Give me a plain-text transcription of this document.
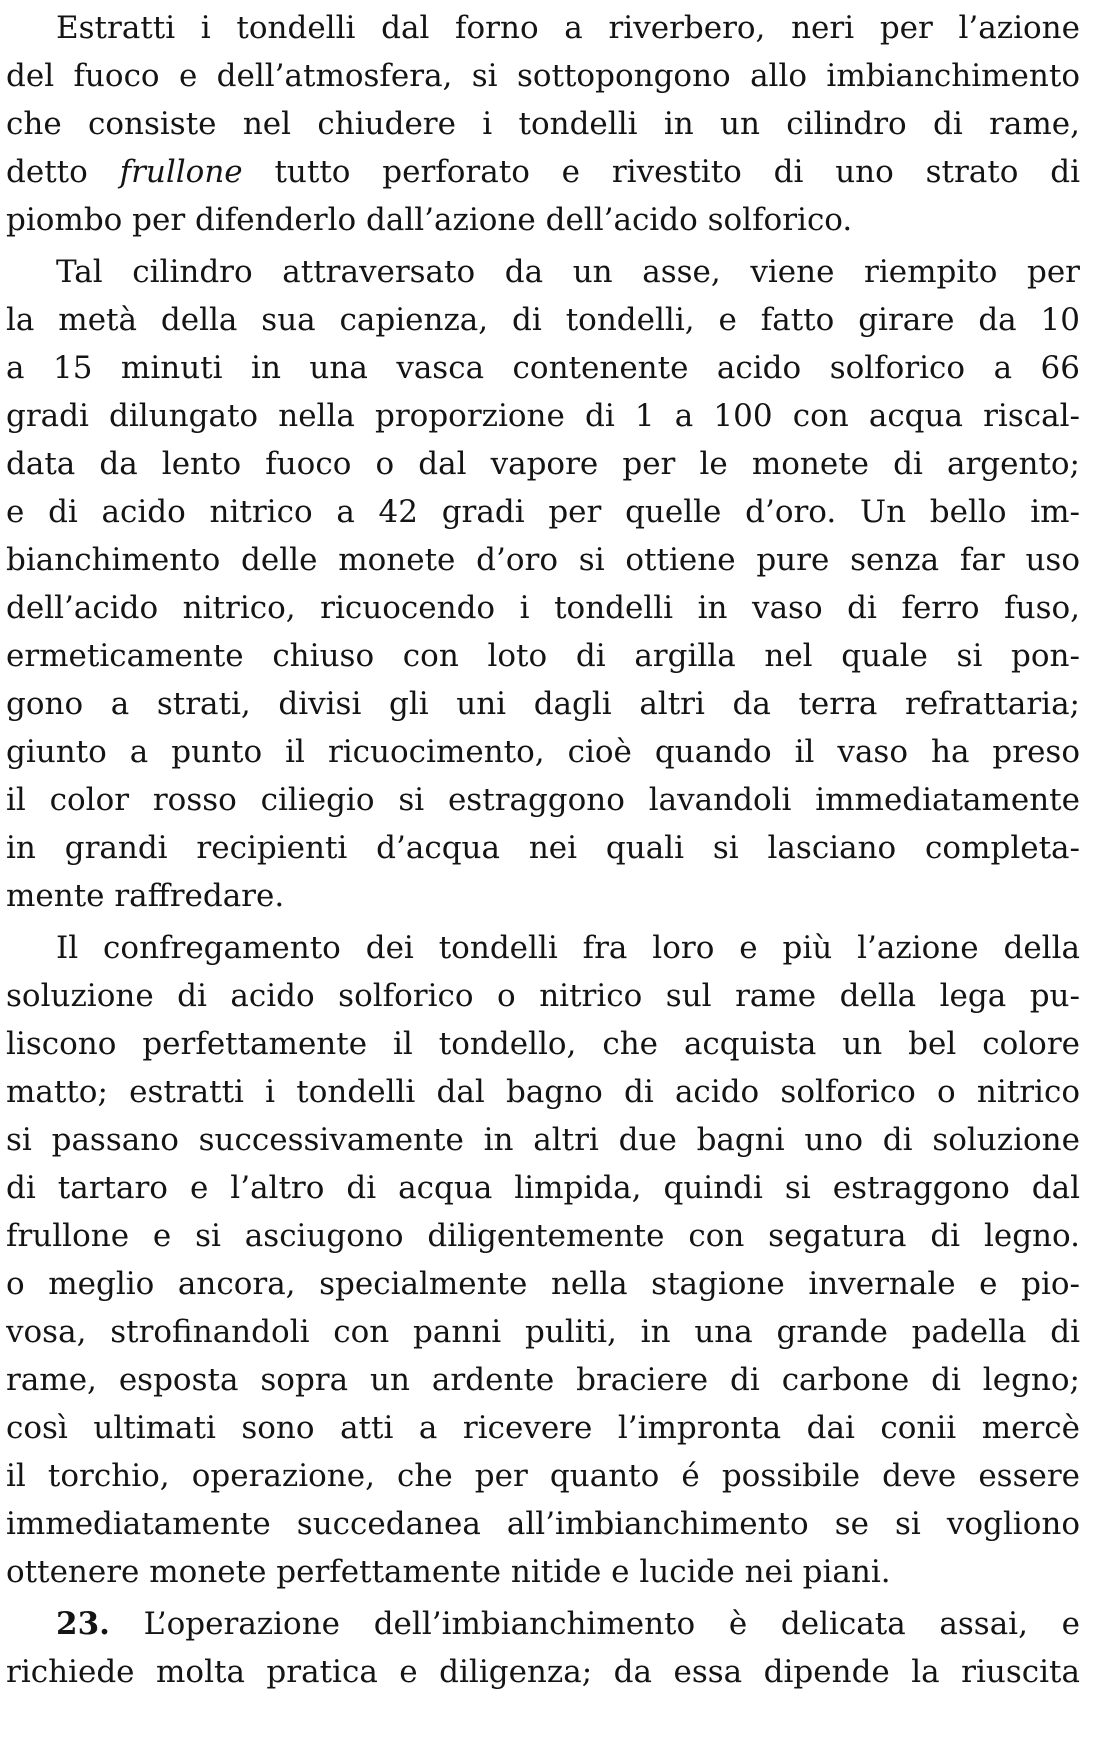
Estratti i tondelli dal forno a riverbero, neri per l’azione
del fuoco e dell’atmosfera, si sottopongono allo imbianchimento
che consiste nel chiudere i tondelli in un cilindro di rame,
detto frullone tutto perforato e rivestito di uno strato di
piombo per difenderlo dall’azione dell’acido solforico.
Tal cilindro attraversato da un asse, viene riempito per
la metà della sua capienza, di tondelli, e fatto girare da 10
a 15 minuti in una vasca contenente acido solforico a 66
gradi dilungato nella proporzione di 1 a 100 con acqua riscal-
data da lento fuoco o dal vapore per le monete di argento;
e di acido nitrico a 42 gradi per quelle d’oro. Un bello im-
bianchimento delle monete d’oro si ottiene pure senza far uso
dell’acido nitrico, ricuocendo i tondelli in vaso di ferro fuso,
ermeticamente chiuso con loto di argilla nel quale si pon-
gono a strati, divisi gli uni dagli altri da terra refrattaria;
giunto a punto il ricuocimento, cioè quando il vaso ha preso
il color rosso ciliegio si estraggono lavandoli immediatamente
in grandi recipienti d’acqua nei quali si lasciano completa-
mente raffredare.
Il confregamento dei tondelli fra loro e più l’azione della
soluzione di acido solforico o nitrico sul rame della lega pu-
liscono perfettamente il tondello, che acquista un bel colore
matto; estratti i tondelli dal bagno di acido solforico o nitrico
si passano successivamente in altri due bagni uno di soluzione
di tartaro e l’altro di acqua limpida, quindi si estraggono dal
frullone e si asciugono diligentemente con segatura di legno.
o meglio ancora, specialmente nella stagione invernale e pio-
vosa, strofinandoli con panni puliti, in una grande padella di
rame, esposta sopra un ardente braciere di carbone di legno;
così ultimati sono atti a ricevere l’impronta dai conii mercè
il torchio, operazione, che per quanto é possibile deve essere
immediatamente succedanea all’imbianchimento se si vogliono
ottenere monete perfettamente nitide e lucide nei piani.
23. L’operazione dell’imbianchimento è delicata assai, e
richiede molta pratica e diligenza; da essa dipende la riuscita
